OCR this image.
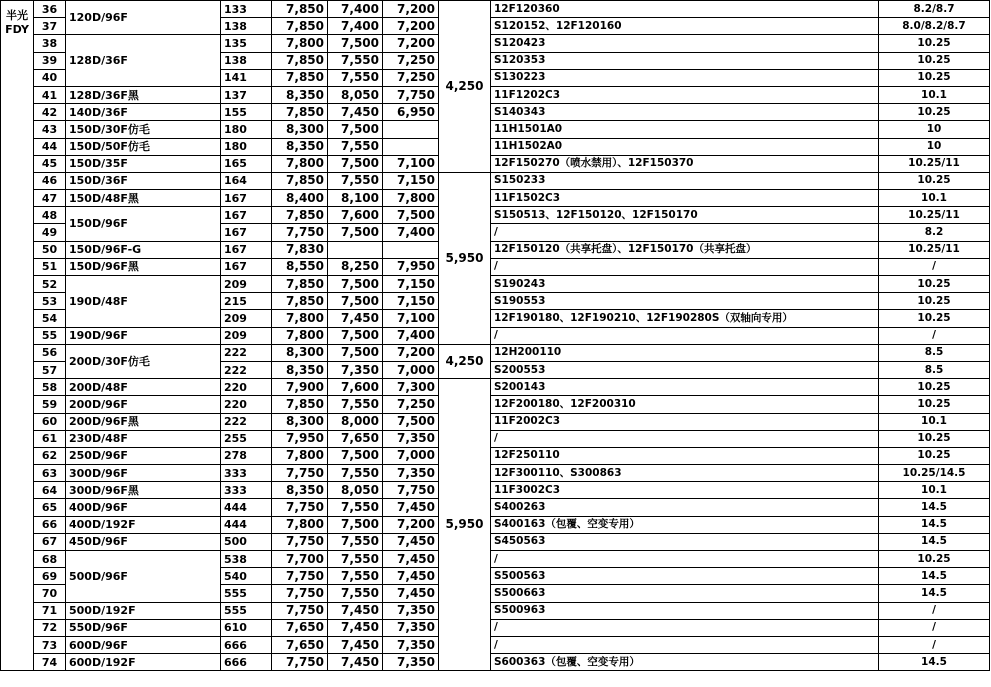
半光
FDY	36	120D/96F	133	7,850	7,400	7,200	4,250	12F120360	8.2/8.7
	37		138	7,850	7,400	7,200		S120152、12F120160	8.0/8.2/8.7
	38	128D/36F	135	7,800	7,500	7,200		S120423	10.25
	39		138	7,850	7,550	7,250		S120353	10.25
	40		141	7,850	7,550	7,250		S130223	10.25
	41	128D/36F黑	137	8,350	8,050	7,750		11F1202C3	10.1
	42	140D/36F	155	7,850	7,450	6,950		S140343	10.25
	43	150D/30F仿毛	180	8,300	7,500			11H1501A0	10
	44	150D/50F仿毛	180	8,350	7,550			11H1502A0	10
	45	150D/35F	165	7,800	7,500	7,100		12F150270（喷水禁用）、12F150370	10.25/11
	46	150D/36F	164	7,850	7,550	7,150	5,950	S150233	10.25
	47	150D/48F黑	167	8,400	8,100	7,800		11F1502C3	10.1
	48	150D/96F	167	7,850	7,600	7,500		S150513、12F150120、12F150170	10.25/11
	49		167	7,750	7,500	7,400		/	8.2
	50	150D/96F-G	167	7,830				12F150120（共享托盘）、12F150170（共享托盘）	10.25/11
	51	150D/96F黑	167	8,550	8,250	7,950		/	/
	52	190D/48F	209	7,850	7,500	7,150		S190243	10.25
	53		215	7,850	7,500	7,150		S190553	10.25
	54		209	7,800	7,450	7,100		12F190180、12F190210、12F190280S（双轴向专用）	10.25
	55	190D/96F	209	7,800	7,500	7,400		/	/
	56	200D/30F仿毛	222	8,300	7,500	7,200	4,250	12H200110	8.5
	57		222	8,350	7,350	7,000		S200553	8.5
	58	200D/48F	220	7,900	7,600	7,300	5,950	S200143	10.25
	59	200D/96F	220	7,850	7,550	7,250		12F200180、12F200310	10.25
	60	200D/96F黑	222	8,300	8,000	7,500		11F2002C3	10.1
	61	230D/48F	255	7,950	7,650	7,350		/	10.25
	62	250D/96F	278	7,800	7,500	7,000		12F250110	10.25
	63	300D/96F	333	7,750	7,550	7,350		12F300110、S300863	10.25/14.5
	64	300D/96F黑	333	8,350	8,050	7,750		11F3002C3	10.1
	65	400D/96F	444	7,750	7,550	7,450		S400263	14.5
	66	400D/192F	444	7,800	7,500	7,200		S400163（包覆、空变专用）	14.5
	67	450D/96F	500	7,750	7,550	7,450		S450563	14.5
	68	500D/96F	538	7,700	7,550	7,450		/	10.25
	69		540	7,750	7,550	7,450		S500563	14.5
	70		555	7,750	7,550	7,450		S500663	14.5
	71	500D/192F	555	7,750	7,450	7,350		S500963	/
	72	550D/96F	610	7,650	7,450	7,350		/	/
	73	600D/96F	666	7,650	7,450	7,350		/	/
	74	600D/192F	666	7,750	7,450	7,350		S600363（包覆、空变专用）	14.5
